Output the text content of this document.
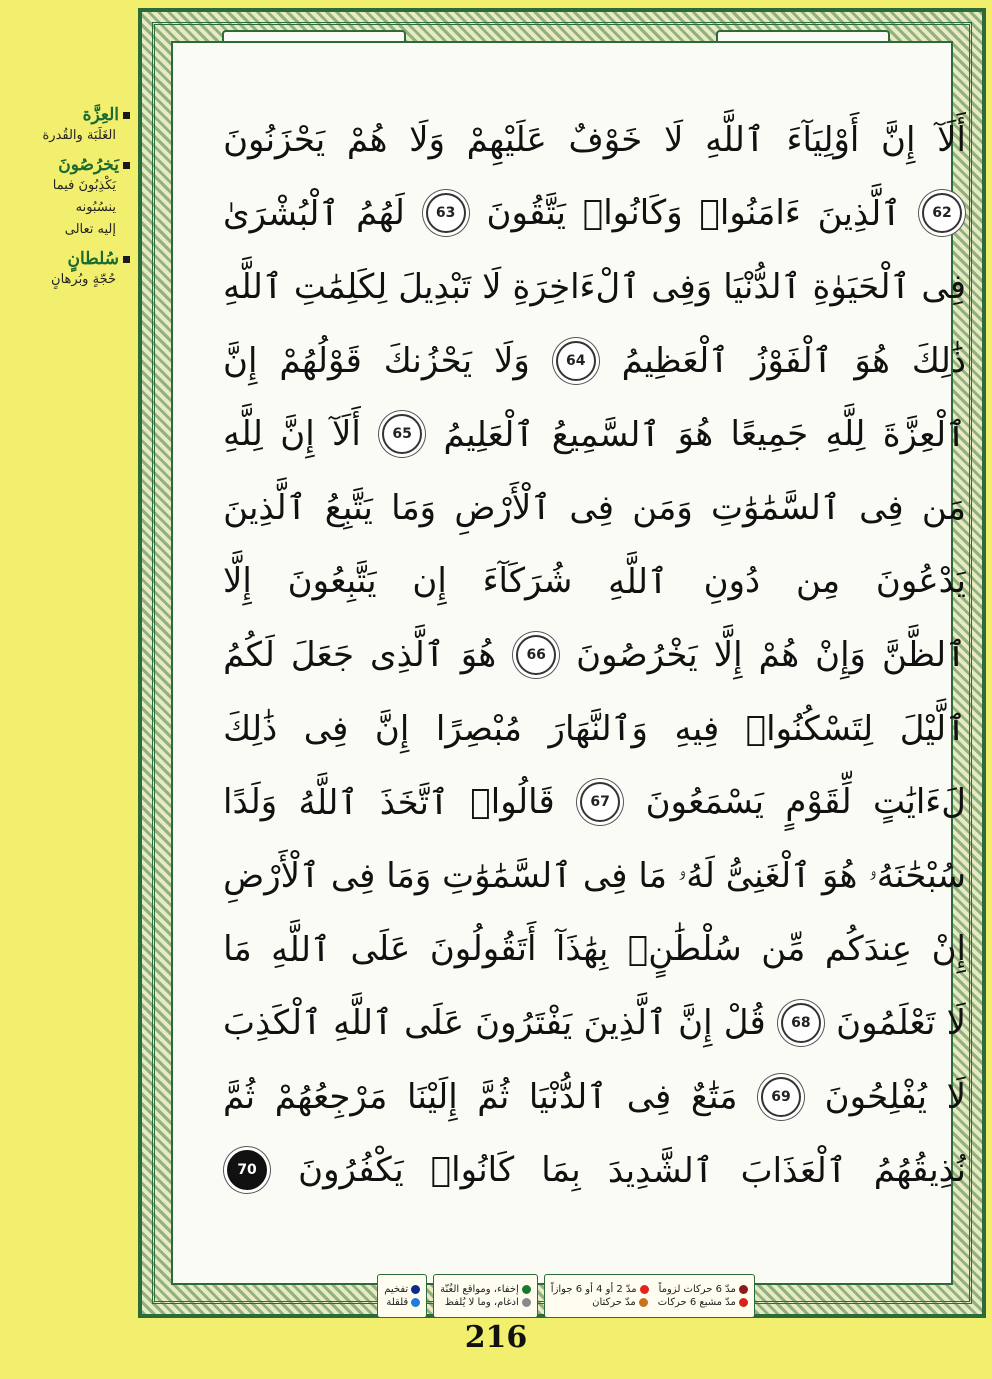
العِزَّة
الغَلَبَة والقُدرة
يَخرُصُونَ
يَكْذِبُونَ فيما
ينسُبُونه
إليه تعالى
سُلطانٍ
حُجّةٍ وبُرهانٍ
أَلَآ
إِنَّ
أَوْلِيَآءَ
ٱللَّهِ
لَا
خَوْفٌ
عَلَيْهِمْ
وَلَا
هُمْ
يَحْزَنُونَ
62
ٱلَّذِينَ
ءَامَنُوا۟
وَكَانُوا۟
يَتَّقُونَ
63
لَهُمُ
ٱلْبُشْرَىٰ
فِى
ٱلْحَيَوٰةِ
ٱلدُّنْيَا
وَفِى
ٱلْءَاخِرَةِ
لَا
تَبْدِيلَ
لِكَلِمَٰتِ
ٱللَّهِ
ذَٰلِكَ
هُوَ
ٱلْفَوْزُ
ٱلْعَظِيمُ
64
وَلَا
يَحْزُنكَ
قَوْلُهُمْ
إِنَّ
ٱلْعِزَّةَ
لِلَّهِ
جَمِيعًا
هُوَ
ٱلسَّمِيعُ
ٱلْعَلِيمُ
65
أَلَآ
إِنَّ
لِلَّهِ
مَن
فِى
ٱلسَّمَٰوَٰتِ
وَمَن
فِى
ٱلْأَرْضِ
وَمَا
يَتَّبِعُ
ٱلَّذِينَ
يَدْعُونَ
مِن
دُونِ
ٱللَّهِ
شُرَكَآءَ
إِن
يَتَّبِعُونَ
إِلَّا
ٱلظَّنَّ
وَإِنْ
هُمْ
إِلَّا
يَخْرُصُونَ
66
هُوَ
ٱلَّذِى
جَعَلَ
لَكُمُ
ٱلَّيْلَ
لِتَسْكُنُوا۟
فِيهِ
وَٱلنَّهَارَ
مُبْصِرًا
إِنَّ
فِى
ذَٰلِكَ
لَءَايَٰتٍ
لِّقَوْمٍ
يَسْمَعُونَ
67
قَالُوا۟
ٱتَّخَذَ
ٱللَّهُ
وَلَدًا
سُبْحَٰنَهُۥ
هُوَ
ٱلْغَنِىُّ
لَهُۥ
مَا
فِى
ٱلسَّمَٰوَٰتِ
وَمَا
فِى
ٱلْأَرْضِ
إِنْ
عِندَكُم
مِّن
سُلْطَٰنٍۭ
بِهَٰذَآ
أَتَقُولُونَ
عَلَى
ٱللَّهِ
مَا
لَا
تَعْلَمُونَ
68
قُلْ
إِنَّ
ٱلَّذِينَ
يَفْتَرُونَ
عَلَى
ٱللَّهِ
ٱلْكَذِبَ
لَا
يُفْلِحُونَ
69
مَتَٰعٌ
فِى
ٱلدُّنْيَا
ثُمَّ
إِلَيْنَا
مَرْجِعُهُمْ
ثُمَّ
نُذِيقُهُمُ
ٱلْعَذَابَ
ٱلشَّدِيدَ
بِمَا
كَانُوا۟
يَكْفُرُونَ
70
مدّ 6 حركات لزوماً
مدّ 2 أو 4 أو 6 جوازاً
مدّ مشبع 6 حركات
مدّ حركتان
إخفاء، ومواقع الغُنّة
ادغام، وما لا يُلفظ
تفخيم
قلقلة
216
